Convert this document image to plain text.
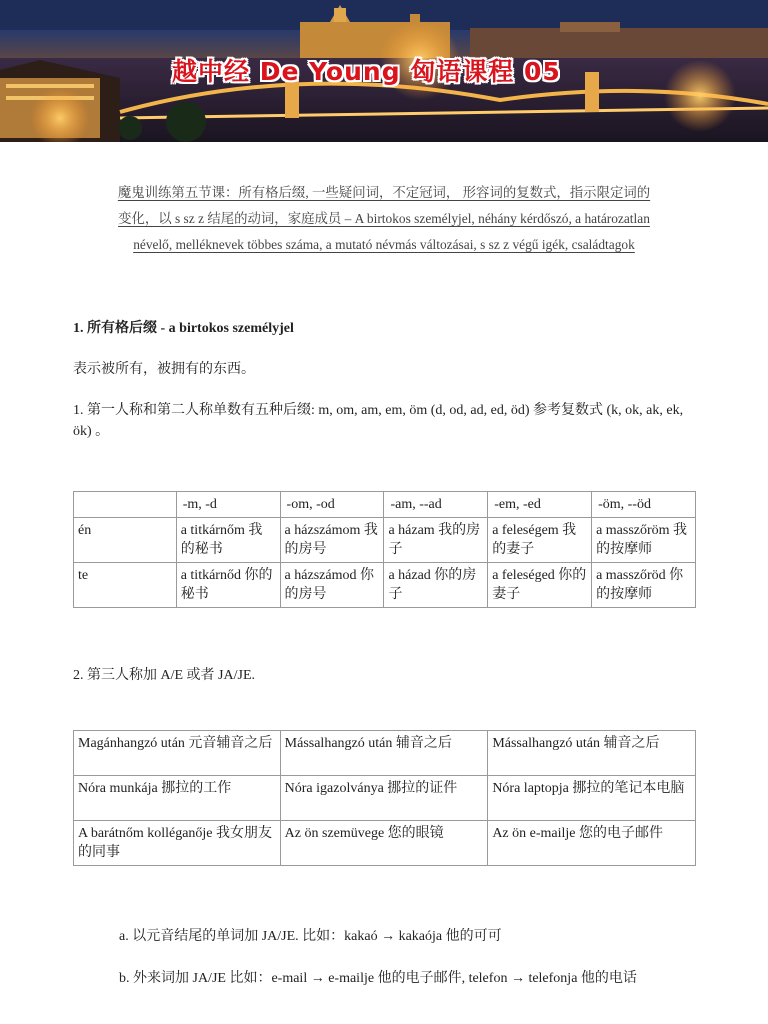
越中经 De Young 匈语课程 05
魔鬼训练第五节课：所有格后缀, 一些疑问词，不定冠词， 形容词的复数式，指示限定词的
变化，以 s sz z 结尾的动词，家庭成员 – A birtokos személyjel, néhány kérdőszó, a határozatlan
névelő, melléknevek többes száma, a mutató névmás változásai, s sz z végű igék, családtagok
1. 所有格后缀 - a birtokos személyjel
表示被所有，被拥有的东西。
1. 第一人称和第二人称单数有五种后缀: m, om, am, em, öm (d, od, ad, ed, öd) 参考复数式 (k, ok, ak, ek, ök) 。
	-m, -d	-om, -od	-am, --ad	-em, -ed	-öm, --öd
én	a titkárnőm 我的秘书	a házszámom 我的房号	a házam 我的房子	a feleségem 我的妻子	a masszőröm 我的按摩师
te	a titkárnőd 你的秘书	a házszámod 你的房号	a házad 你的房子	a feleséged 你的妻子	a masszőröd 你的按摩师
2. 第三人称加 A/E 或者 JA/JE.
Magánhangzó után 元音辅音之后	Mássalhangzó után 辅音之后	Mássalhangzó után 辅音之后
Nóra munkája 挪拉的工作	Nóra igazolványa 挪拉的证件	Nóra laptopja 挪拉的笔记本电脑
A barátnőm kolléganője 我女朋友的同事	Az ön szemüvege 您的眼镜	Az ön e-mailje 您的电子邮件
a. 以元音结尾的单词加 JA/JE. 比如：kakaó → kakaója 他的可可
b. 外来词加 JA/JE 比如：e-mail → e-mailje 他的电子邮件, telefon → telefonja 他的电话
